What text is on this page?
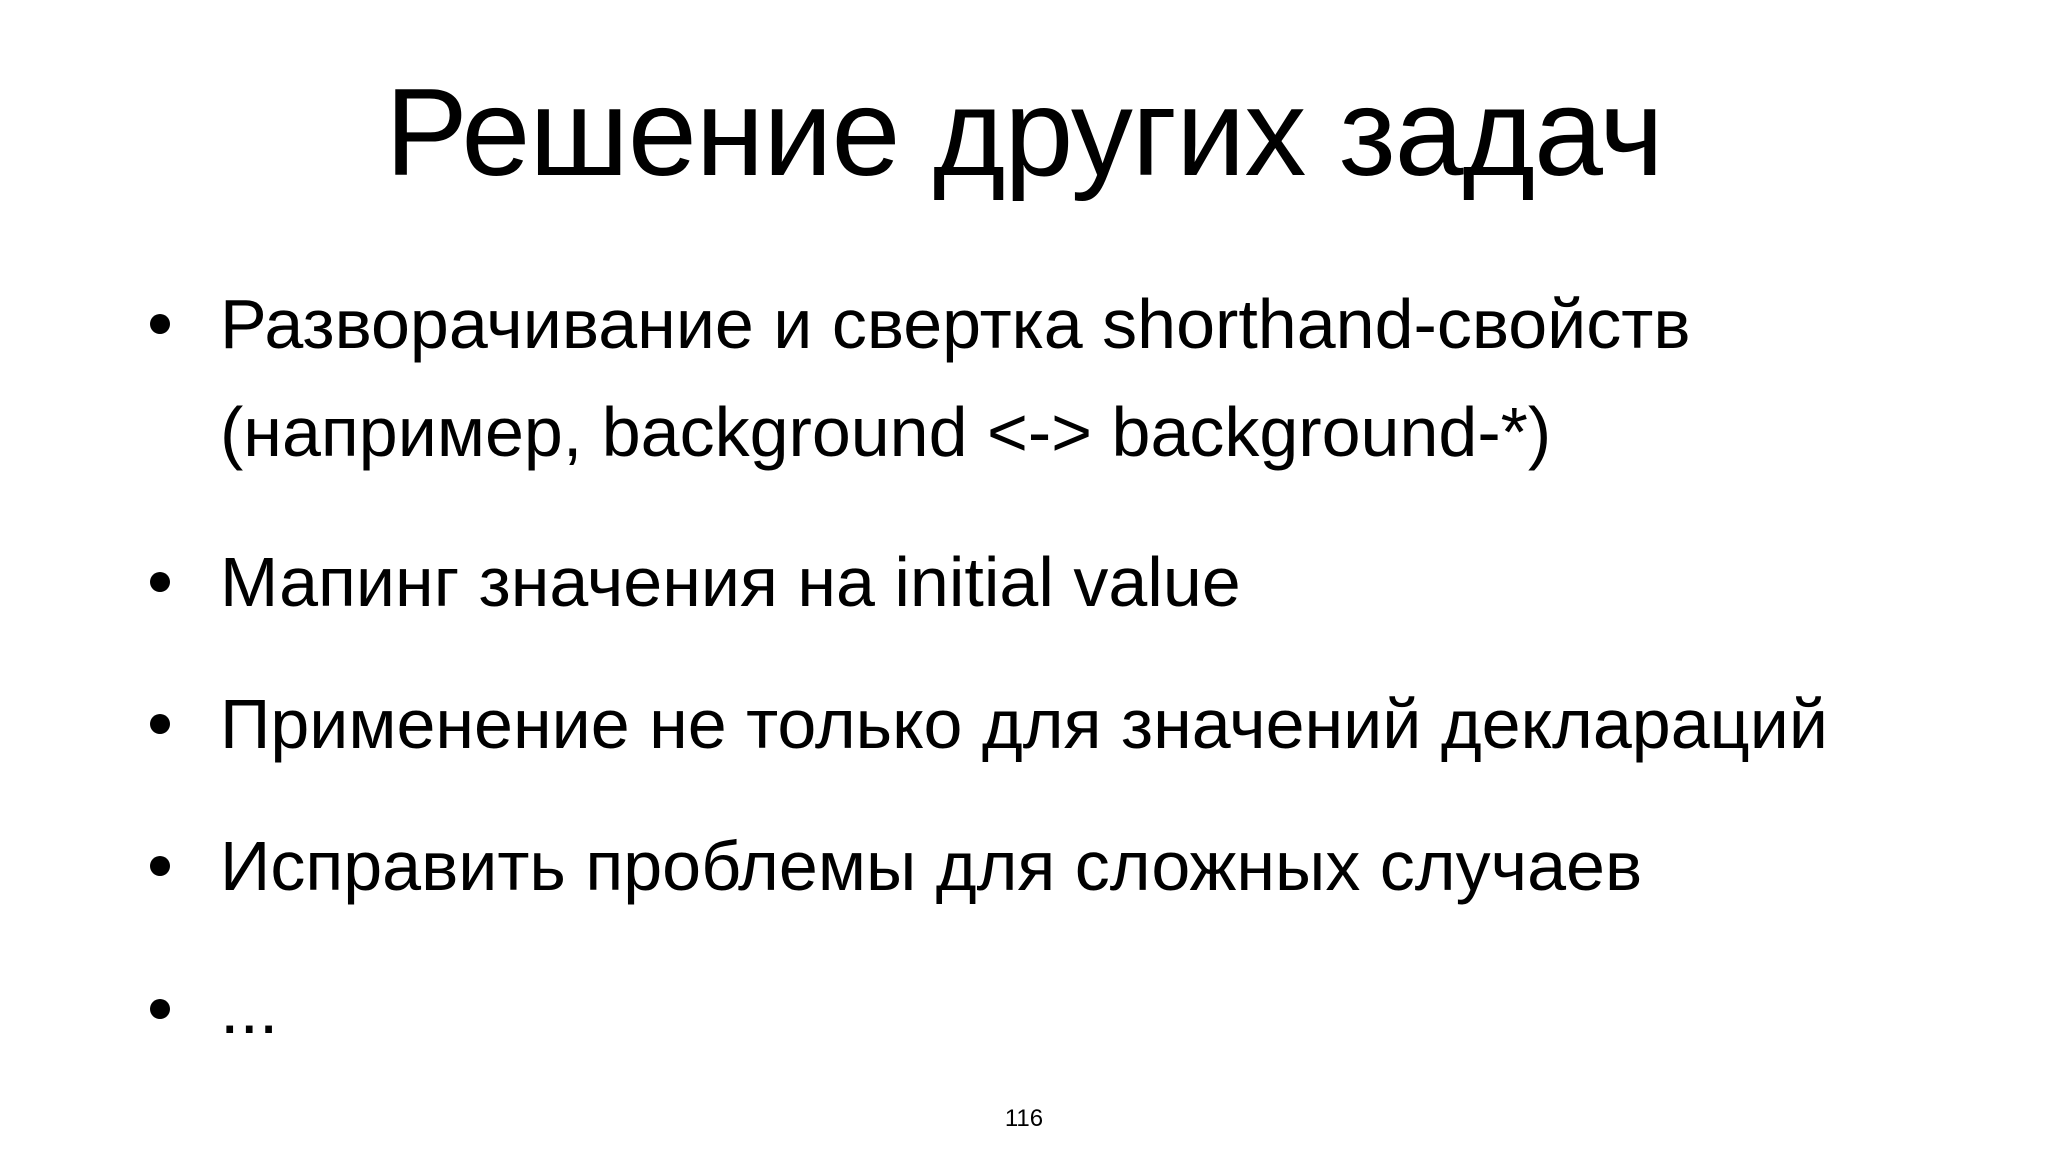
Решение других задач
Разворачивание и свертка shorthand-свойств
(например, background <-> background-*)
Мапинг значения на initial value
Применение не только для значений деклараций
Исправить проблемы для сложных случаев
...
116
